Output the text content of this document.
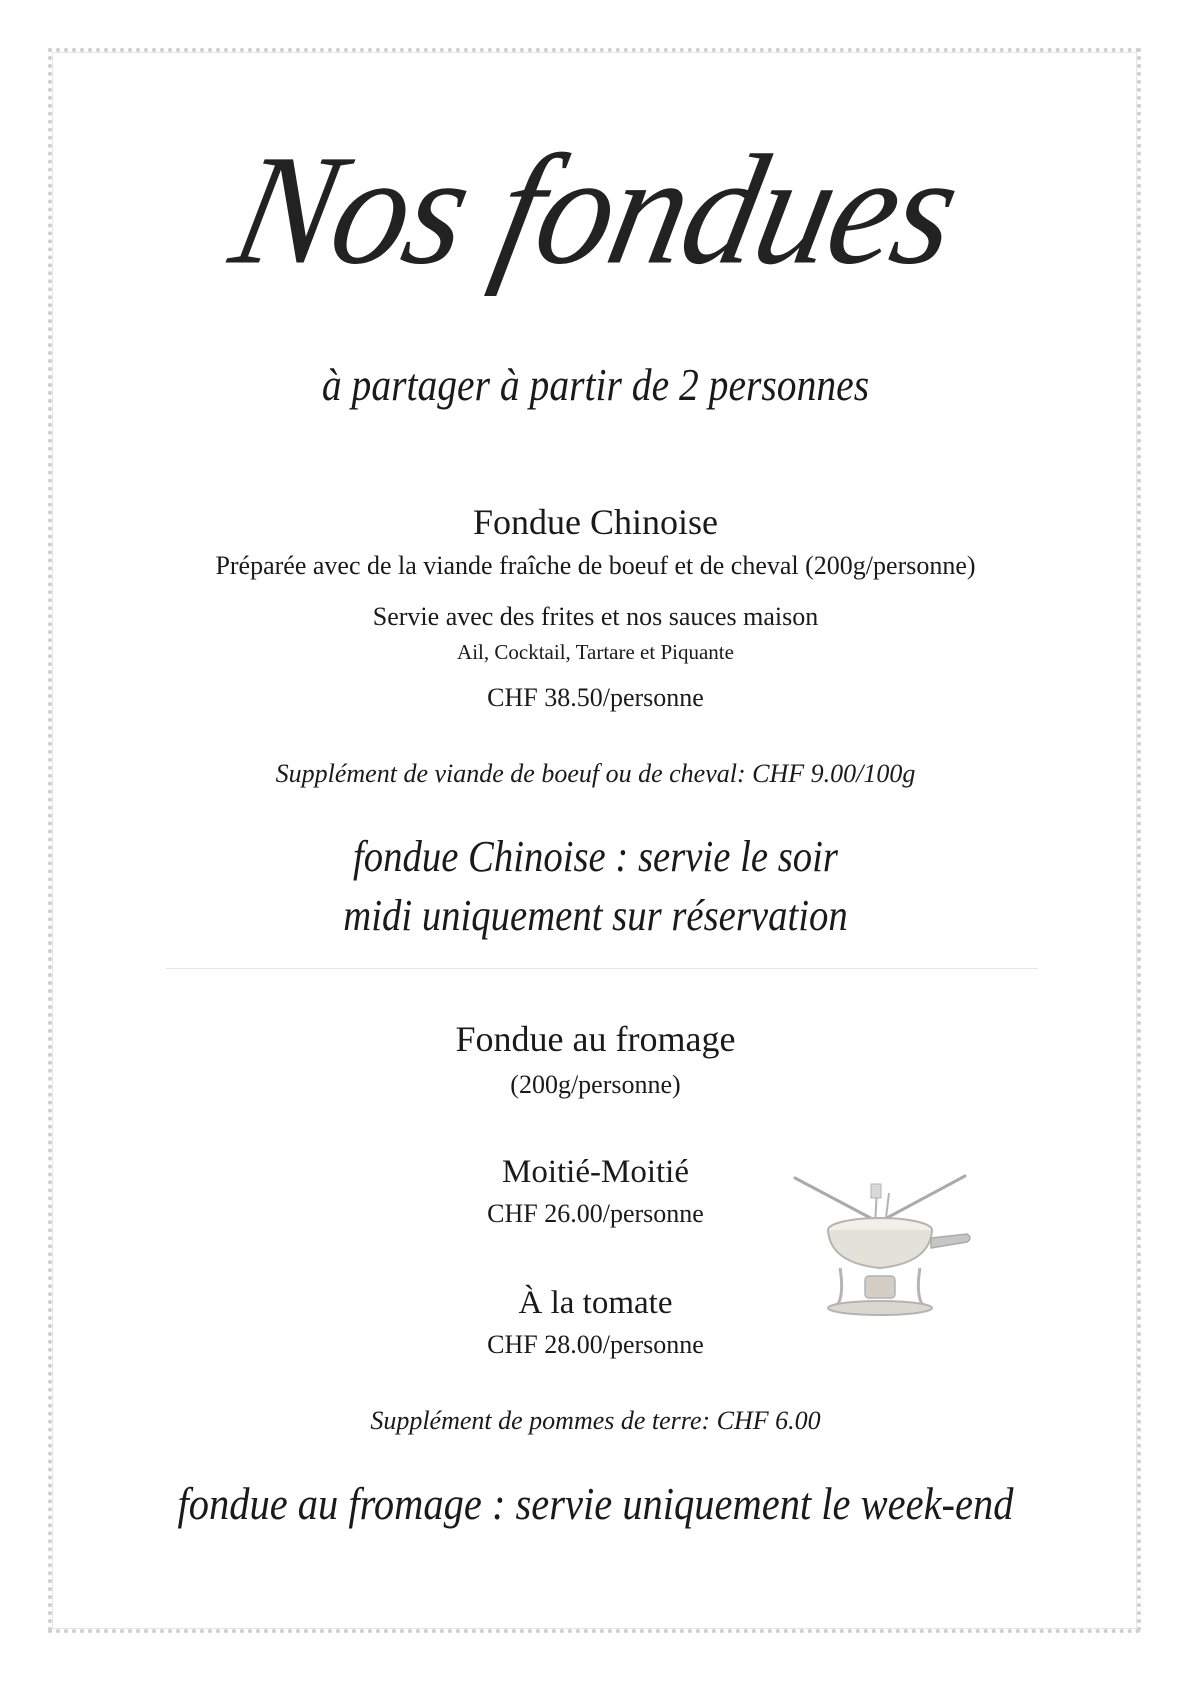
Nos fondues
à partager à partir de 2 personnes
Fondue Chinoise
Préparée avec de la viande fraîche de boeuf et de cheval (200g/personne)
Servie avec des frites et nos sauces maison
Ail, Cocktail, Tartare et Piquante
CHF 38.50/personne
Supplément de viande de boeuf ou de cheval: CHF 9.00/100g
fondue Chinoise : servie le soir
midi uniquement sur réservation
Fondue au fromage
(200g/personne)
Moitié-Moitié
CHF 26.00/personne
À la tomate
CHF 28.00/personne
Supplément de pommes de terre: CHF 6.00
fondue au fromage : servie uniquement le week-end
